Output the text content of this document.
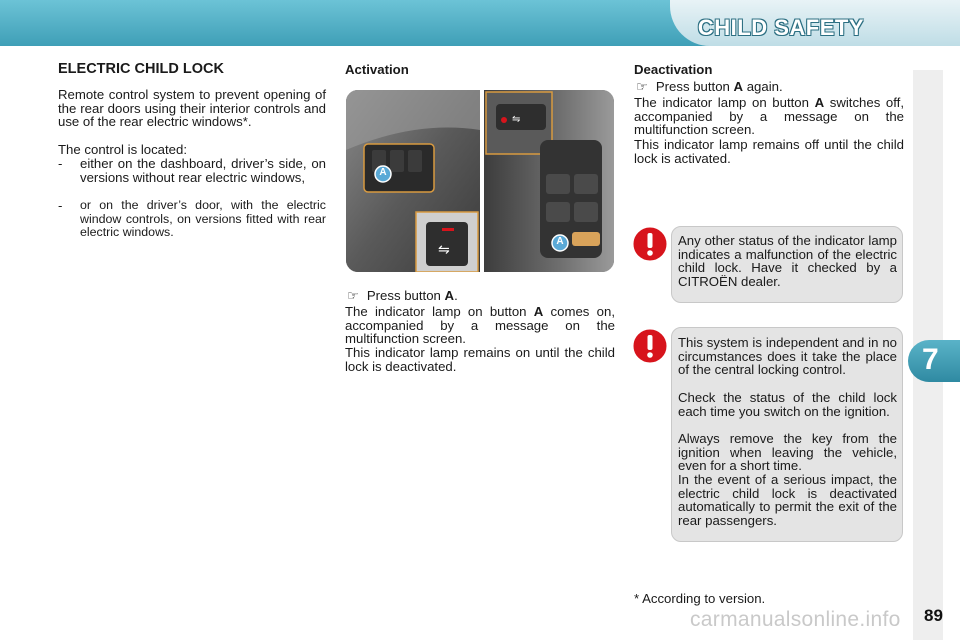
CHILD SAFETY
7
89
ELECTRIC CHILD LOCK
Remote control system to prevent opening of the rear doors using their interior controls and use of the rear electric windows*.
The control is located:
- either on the dashboard, driver’s side, on versions without rear electric windows,
- or on the driver’s door, with the electric window controls, on versions fitted with rear electric windows.
Activation
⇋
⇋
A
A
☞ Press button A.
The indicator lamp on button A comes on, accompanied by a message on the multifunction screen.
This indicator lamp remains on until the child lock is deactivated.
Deactivation
☞ Press button A again.
The indicator lamp on button A switches off, accompanied by a message on the multifunction screen.
This indicator lamp remains off until the child lock is activated.
Any other status of the indicator lamp indicates a malfunction of the electric child lock. Have it checked by a CITROËN dealer.
This system is independent and in no circumstances does it take the place of the central locking control.
Check the status of the child lock each time you switch on the ignition.
Always remove the key from the ignition when leaving the vehicle, even for a short time.
In the event of a serious impact, the electric child lock is deactivated automatically to permit the exit of the rear passengers.
* According to version.
carmanualsonline.info
